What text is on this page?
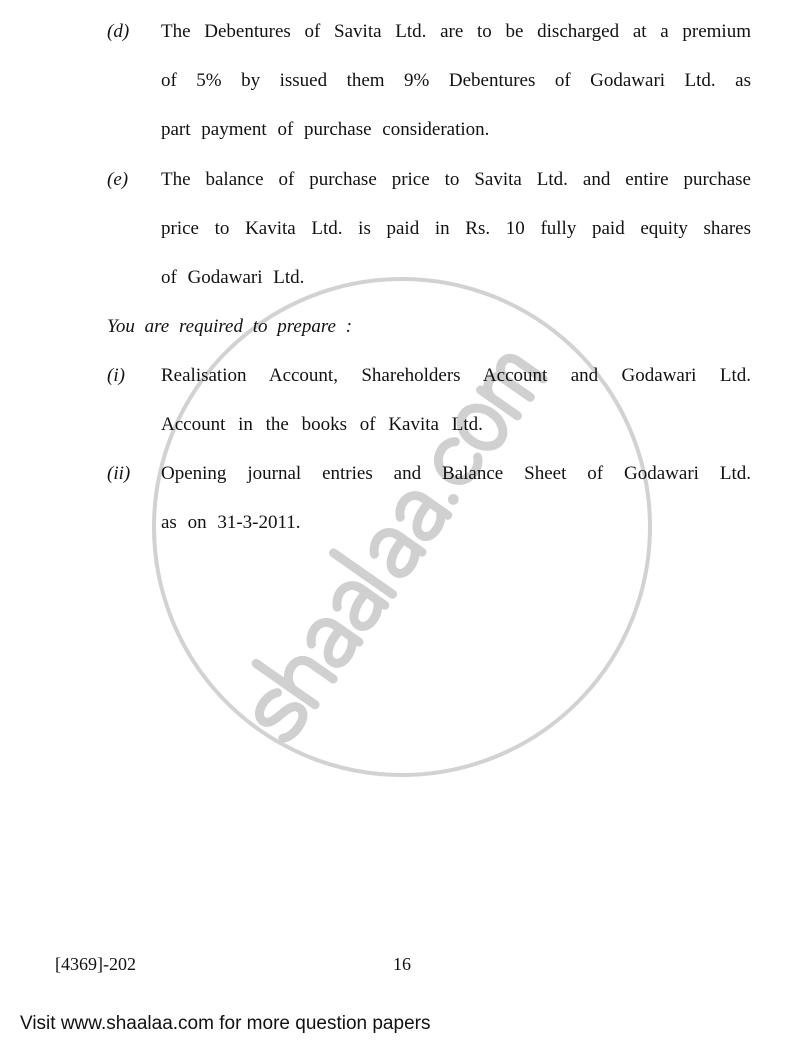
(d) The Debentures of Savita Ltd. are to be discharged at a premium
of 5% by issued them 9% Debentures of Godawari Ltd. as
part payment of purchase consideration.
(e) The balance of purchase price to Savita Ltd. and entire purchase
price to Kavita Ltd. is paid in Rs. 10 fully paid equity shares
of Godawari Ltd.
You are required to prepare :
(i) Realisation Account, Shareholders Account and Godawari Ltd.
Account in the books of Kavita Ltd.
(ii) Opening journal entries and Balance Sheet of Godawari Ltd.
as on 31-3-2011.
[4369]-202	16
Visit www.shaalaa.com for more question papers
